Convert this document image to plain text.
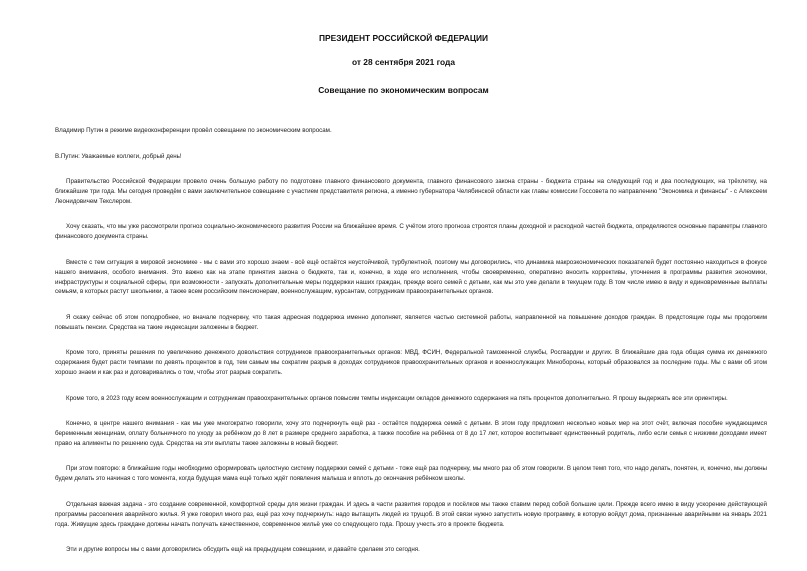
ПРЕЗИДЕНТ РОССИЙСКОЙ ФЕДЕРАЦИИ
от 28 сентября 2021 года
Совещание по экономическим вопросам

Владимир Путин в режиме видеоконференции провёл совещание по экономическим вопросам.

В.Путин: Уважаемые коллеги, добрый день!

Правительство Российской Федерации провело очень большую работу по подготовке главного финансового документа, главного финансового закона страны - бюджета страны на следующий год и два последующих, на трёхлетку, на ближайшие три года. Мы сегодня проведём с вами заключительное совещание с участием представителя региона, а именно губернатора Челябинской области как главы комиссии Госсовета по направлению "Экономика и финансы" - с Алексеем Леонидовичем Текслером.

Хочу сказать, что мы уже рассмотрели прогноз социально-экономического развития России на ближайшее время. С учётом этого прогноза строятся планы доходной и расходной частей бюджета, определяются основные параметры главного финансового документа страны.

Вместе с тем ситуация в мировой экономике - мы с вами это хорошо знаем - всё ещё остаётся неустойчивой, турбулентной, поэтому мы договорились, что динамика макроэкономических показателей будет постоянно находиться в фокусе нашего внимания, особого внимания. Это важно как на этапе принятия закона о бюджете, так и, конечно, в ходе его исполнения, чтобы своевременно, оперативно вносить коррективы, уточнения в программы развития экономики, инфраструктуры и социальной сферы, при возможности - запускать дополнительные меры поддержки наших граждан, прежде всего семей с детьми, как мы это уже делали в текущем году. В том числе имею в виду и единовременные выплаты семьям, в которых растут школьники, а также всем российским пенсионерам, военнослужащим, курсантам, сотрудникам правоохранительных органов.

Я скажу сейчас об этом поподробнее, но вначале подчеркну, что такая адресная поддержка именно дополняет, является частью системной работы, направленной на повышение доходов граждан. В предстоящие годы мы продолжим повышать пенсии. Средства на такие индексации заложены в бюджет.

Кроме того, приняты решения по увеличению денежного довольствия сотрудников правоохранительных органов: МВД, ФСИН, Федеральной таможенной службы, Росгвардии и других. В ближайшие два года общая сумма их денежного содержания будет расти темпами по девять процентов в год, тем самым мы сократим разрыв в доходах сотрудников правоохранительных органов и военнослужащих Минобороны, который образовался за последние годы. Мы с вами об этом хорошо знаем и как раз и договаривались о том, чтобы этот разрыв сократить.

Кроме того, в 2023 году всем военнослужащим и сотрудникам правоохранительных органов повысим темпы индексации окладов денежного содержания на пять процентов дополнительно. Я прошу выдержать все эти ориентиры.

Конечно, в центре нашего внимания - как мы уже многократно говорили, хочу это подчеркнуть ещё раз - остаётся поддержка семей с детьми. В этом году предложил несколько новых мер на этот счёт, включая пособие нуждающимся беременным женщинам, оплату больничного по уходу за ребёнком до 8 лет в размере среднего заработка, а также пособие на ребёнка от 8 до 17 лет, которое воспитывает единственный родитель, либо если семья с низкими доходами имеет право на алименты по решению суда. Средства на эти выплаты также заложены в новый бюджет.

При этом повторю: в ближайшие годы необходимо сформировать целостную систему поддержки семей с детьми - тоже ещё раз подчеркну, мы много раз об этом говорили. В целом темп того, что надо делать, понятен, и, конечно, мы должны будем делать это начиная с того момента, когда будущая мама ещё только ждёт появления малыша и вплоть до окончания ребёнком школы.

Отдельная важная задача - это создание современной, комфортной среды для жизни граждан. И здесь в части развития городов и посёлков мы также ставим перед собой большие цели. Прежде всего имею в виду ускорение действующей программы расселения аварийного жилья. Я уже говорил много раз, ещё раз хочу подчеркнуть: надо вытащить людей из трущоб. В этой связи нужно запустить новую программу, в которую войдут дома, признанные аварийными на январь 2021 года. Живущие здесь граждане должны начать получать качественное, современное жильё уже со следующего года. Прошу учесть это в проекте бюджета.

Эти и другие вопросы мы с вами договорились обсудить ещё на предыдущем совещании, и давайте сделаем это сегодня.
